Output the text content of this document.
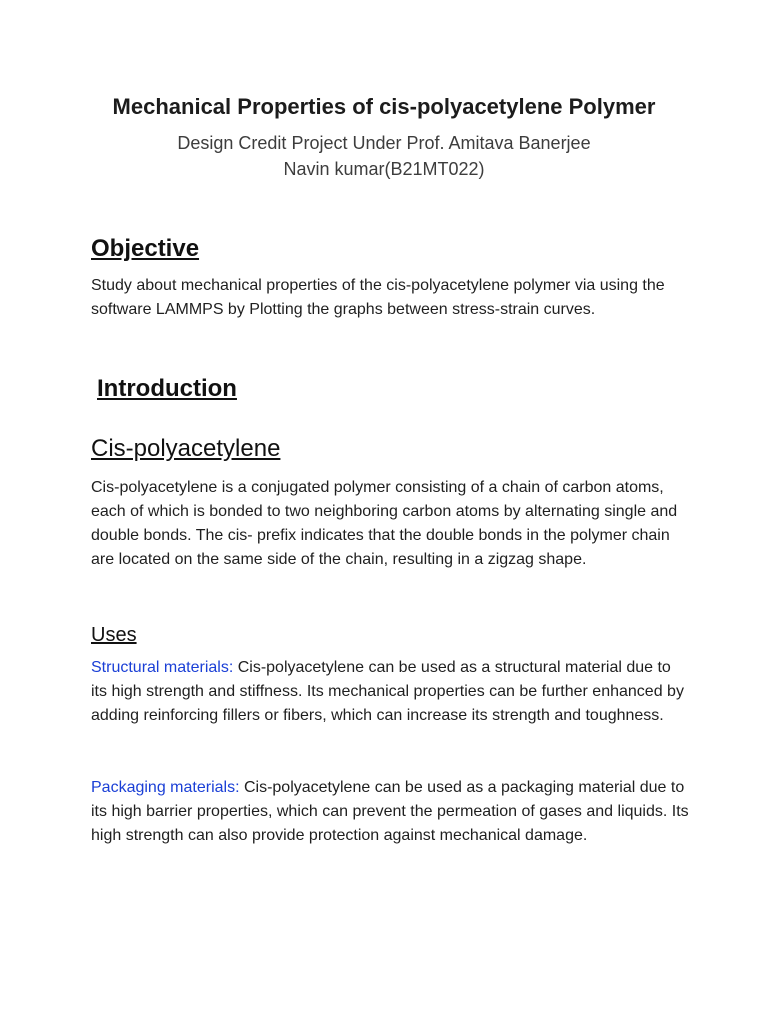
Mechanical Properties of cis-polyacetylene Polymer
Design Credit Project Under Prof. Amitava Banerjee
Navin kumar(B21MT022)
Objective
Study about mechanical properties of the cis-polyacetylene polymer via using the software LAMMPS by Plotting the graphs between stress-strain curves.
Introduction
Cis-polyacetylene
Cis-polyacetylene is a conjugated polymer consisting of a chain of carbon atoms, each of which is bonded to two neighboring carbon atoms by alternating single and double bonds. The cis- prefix indicates that the double bonds in the polymer chain are located on the same side of the chain, resulting in a zigzag shape.
Uses
Structural materials: Cis-polyacetylene can be used as a structural material due to its high strength and stiffness. Its mechanical properties can be further enhanced by adding reinforcing fillers or fibers, which can increase its strength and toughness.
Packaging materials: Cis-polyacetylene can be used as a packaging material due to its high barrier properties, which can prevent the permeation of gases and liquids. Its high strength can also provide protection against mechanical damage.
